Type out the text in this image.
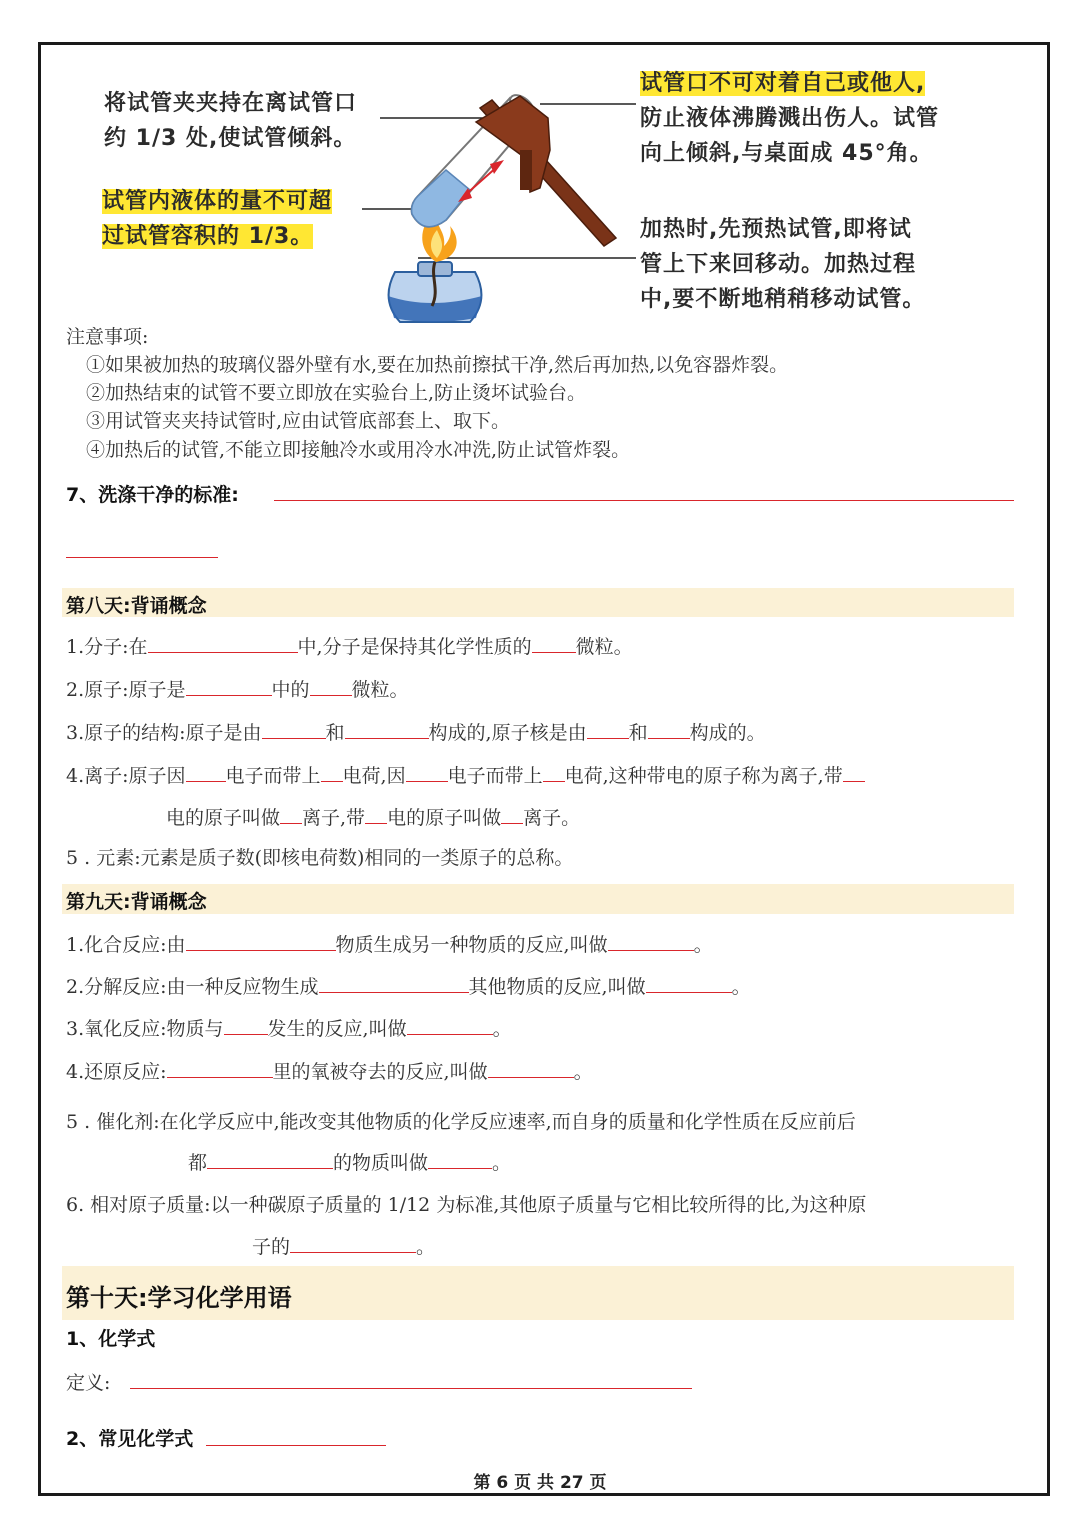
将试管夹夹持在离试管口
约 1/3 处,使试管倾斜。
试管内液体的量不可超
过试管容积的 1/3。
试管口不可对着自己或他人,
防止液体沸腾溅出伤人。试管
向上倾斜,与桌面成 45°角。
加热时,先预热试管,即将试
管上下来回移动。加热过程
中,要不断地稍稍移动试管。
注意事项:
①如果被加热的玻璃仪器外壁有水,要在加热前擦拭干净,然后再加热,以免容器炸裂。
②加热结束的试管不要立即放在实验台上,防止烫坏试验台。
③用试管夹夹持试管时,应由试管底部套上、取下。
④加热后的试管,不能立即接触冷水或用冷水冲洗,防止试管炸裂。
7、洗涤干净的标准:
第八天:背诵概念
1.分子:在	中,分子是保持其化学性质的 微粒。
2.原子:原子是	中的 微粒。
3.原子的结构:原子是由	和	构成的,原子核是由 和 构成的。
4.离子:原子因 电子而带上 电荷,因 电子而带上 电荷,这种带电的原子称为离子,带
电的原子叫做 离子,带 电的原子叫做 离子。
5 . 元素:元素是质子数(即核电荷数)相同的一类原子的总称。
第九天:背诵概念
1.化合反应:由	物质生成另一种物质的反应,叫做	。
2.分解反应:由一种反应物生成	其他物质的反应,叫做	。
3.氧化反应:物质与 发生的反应,叫做	。
4.还原反应:	里的氧被夺去的反应,叫做	。
5 . 催化剂:在化学反应中,能改变其他物质的化学反应速率,而自身的质量和化学性质在反应前后
都	的物质叫做	。
6. 相对原子质量:以一种碳原子质量的 1/12 为标准,其他原子质量与它相比较所得的比,为这种原
子的	。
第十天:学习化学用语
1、化学式
定义:
2、常见化学式
第 6 页 共 27 页
